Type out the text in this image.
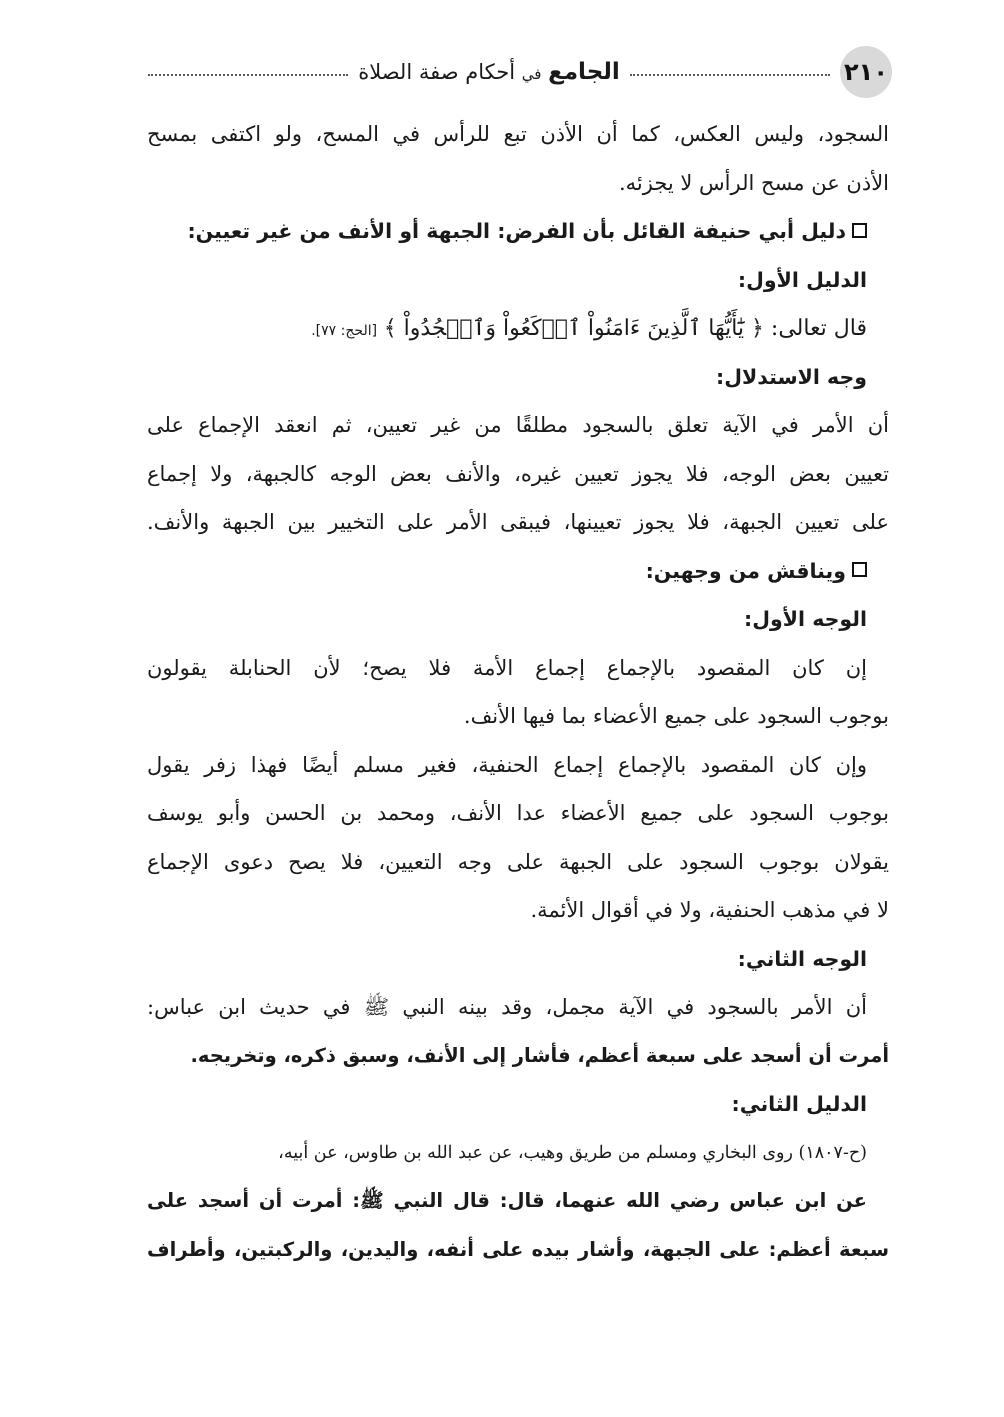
٢١٠
الجامع في أحكام صفة الصلاة
السجود، وليس العكس، كما أن الأذن تبع للرأس في المسح، ولو اكتفى بمسح
الأذن عن مسح الرأس لا يجزئه.
دليل أبي حنيفة القائل بأن الفرض: الجبهة أو الأنف من غير تعيين:
الدليل الأول:
قال تعالى: ﴿ يَٰٓأَيُّهَا ٱلَّذِينَ ءَامَنُواْ ٱرۡكَعُواْ وَٱسۡجُدُواْ ﴾ [الحج: ٧٧].
وجه الاستدلال:
أن الأمر في الآية تعلق بالسجود مطلقًا من غير تعيين، ثم انعقد الإجماع على
تعيين بعض الوجه، فلا يجوز تعيين غيره، والأنف بعض الوجه كالجبهة، ولا إجماع
على تعيين الجبهة، فلا يجوز تعيينها، فيبقى الأمر على التخيير بين الجبهة والأنف.
ويناقش من وجهين:
الوجه الأول:
إن كان المقصود بالإجماع إجماع الأمة فلا يصح؛ لأن الحنابلة يقولون
بوجوب السجود على جميع الأعضاء بما فيها الأنف.
وإن كان المقصود بالإجماع إجماع الحنفية، فغير مسلم أيضًا فهذا زفر يقول
بوجوب السجود على جميع الأعضاء عدا الأنف، ومحمد بن الحسن وأبو يوسف
يقولان بوجوب السجود على الجبهة على وجه التعيين، فلا يصح دعوى الإجماع
لا في مذهب الحنفية، ولا في أقوال الأئمة.
الوجه الثاني:
أن الأمر بالسجود في الآية مجمل، وقد بينه النبي ﷺ في حديث ابن عباس:
أمرت أن أسجد على سبعة أعظم، فأشار إلى الأنف، وسبق ذكره، وتخريجه.
الدليل الثاني:
(ح-١٨٠٧) روى البخاري ومسلم من طريق وهيب، عن عبد الله بن طاوس، عن أبيه،
عن ابن عباس رضي الله عنهما، قال: قال النبي ﷺ: أمرت أن أسجد على
سبعة أعظم: على الجبهة، وأشار بيده على أنفه، واليدين، والركبتين، وأطراف
